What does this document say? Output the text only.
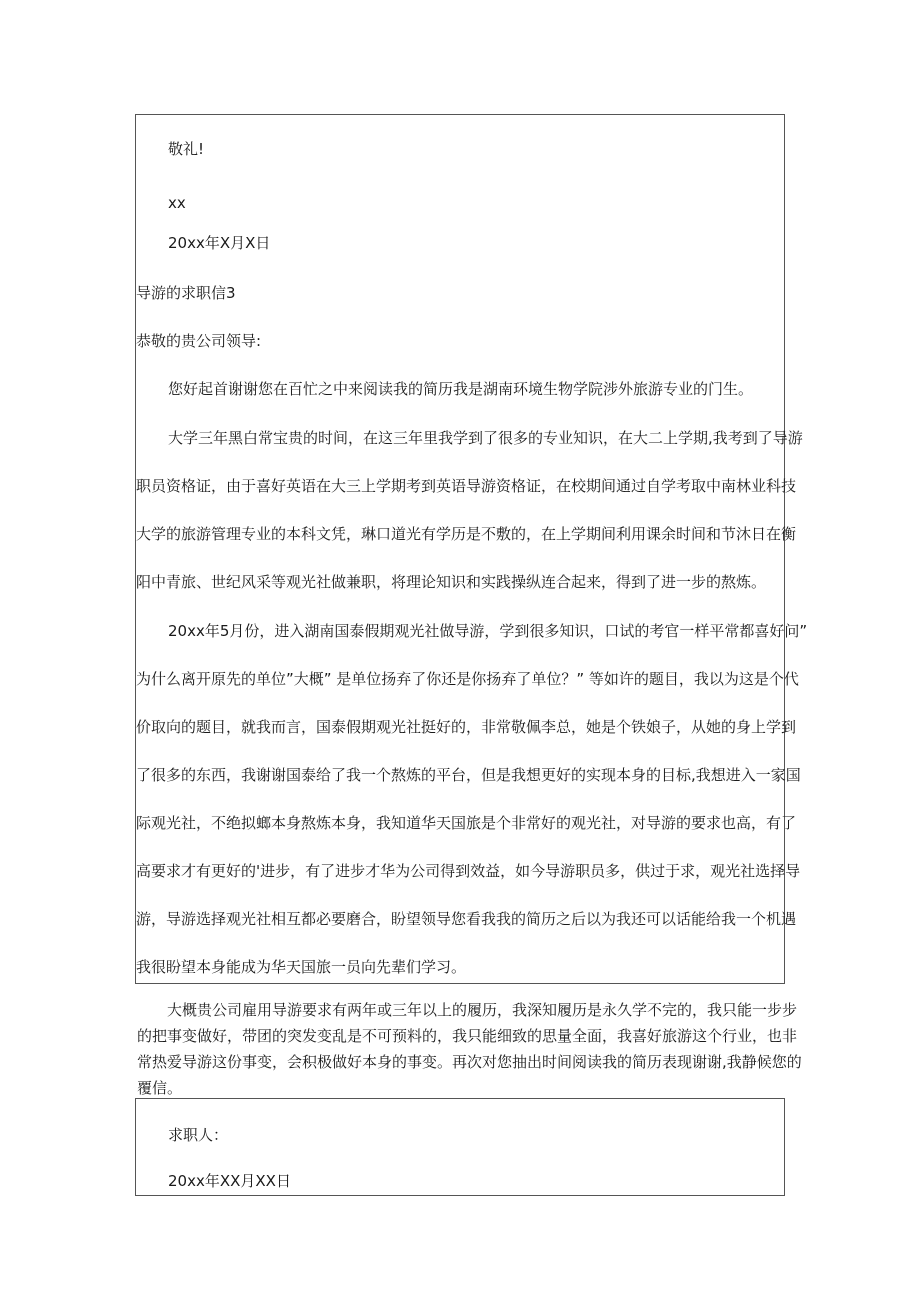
敬礼!
xx
20xx年X月X日
导游的求职信3
恭敬的贵公司领导:
您好起首谢谢您在百忙之中来阅读我的简历我是湖南环境生物学院涉外旅游专业的门生。
大学三年黑白常宝贵的时间，在这三年里我学到了很多的专业知识，在大二上学期,我考到了导游
职员资格证，由于喜好英语在大三上学期考到英语导游资格证，在校期间通过自学考取中南林业科技
大学的旅游管理专业的本科文凭，琳口道光有学历是不敷的，在上学期间利用课余时间和节沐日在衡
阳中青旅、世纪风采等观光社做兼职，将理论知识和实践操纵连合起来，得到了进一步的熬炼。
20xx年5月份，进入湖南国泰假期观光社做导游，学到很多知识，口试的考官一样平常都喜好问”
为什么离开原先的单位”大概” 是单位扬弃了你还是你扬弃了单位？” 等如许的题目，我以为这是个代
价取向的题目，就我而言，国泰假期观光社挺好的，非常敬佩李总，她是个铁娘子，从她的身上学到
了很多的东西，我谢谢国泰给了我一个熬炼的平台，但是我想更好的实现本身的目标,我想进入一家国
际观光社，不绝拟螂本身熬炼本身，我知道华天国旅是个非常好的观光社，对导游的要求也高，有了
高要求才有更好的'进步，有了进步才华为公司得到效益，如今导游职员多，供过于求，观光社选择导
游，导游选择观光社相互都必要磨合，盼望领导您看我我的简历之后以为我还可以话能给我一个机遇
我很盼望本身能成为华天国旅一员向先辈们学习。
大概贵公司雇用导游要求有两年或三年以上的履历，我深知履历是永久学不完的，我只能一步步
的把事变做好，带团的突发变乱是不可预料的，我只能细致的思量全面，我喜好旅游这个行业，也非
常热爱导游这份事变，会积极做好本身的事变。再次对您抽出时间阅读我的简历表现谢谢,我静候您的
覆信。
求职人：
20xx年XX月XX日
